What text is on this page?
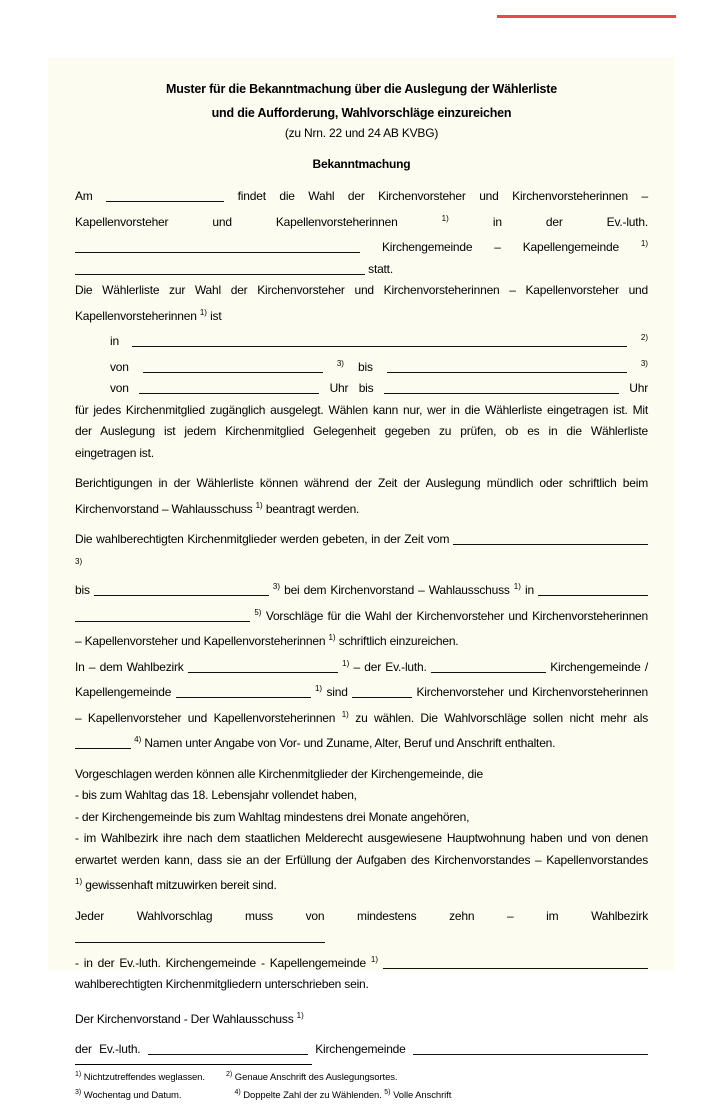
Muster für die Bekanntmachung über die Auslegung der Wählerliste
und die Aufforderung, Wahlvorschläge einzureichen
(zu Nrn. 22 und 24 AB KVBG)
Bekanntmachung
Am	findet die Wahl der Kirchenvorsteher und Kirchenvorsteherinnen –
Kapellenvorsteher und Kapellenvorsteherinnen	$^{1)}$	in der Ev.-luth.
Kirchengemeinde – Kapellengemeinde	$^{1)}$
statt.
Die Wählerliste zur Wahl der Kirchenvorsteher und Kirchenvorsteherinnen – Kapellenvorsteher und
Kapellenvorsteherinnen $^{1)}$ ist
in	$^{2)}$
von	$^{3)}$ bis	$^{3)}$
von	Uhr bis	Uhr
für jedes Kirchenmitglied zugänglich ausgelegt. Wählen kann nur, wer in die Wählerliste eingetragen ist. Mit
der Auslegung ist jedem Kirchenmitglied Gelegenheit gegeben zu prüfen, ob es in die Wählerliste
eingetragen ist.
Berichtigungen in der Wählerliste können während der Zeit der Auslegung mündlich oder schriftlich beim
Kirchenvorstand – Wahlausschuss $^{1)}$ beantragt werden.
Die wahlberechtigten Kirchenmitglieder werden gebeten, in der Zeit vom  $^{3)}$
bis	$^{3)}$ bei dem Kirchenvorstand – Wahlausschuss $^{1)}$ in
$^{5)}$ Vorschläge für die Wahl der Kirchenvorsteher und Kirchenvorsteherinnen
– Kapellenvorsteher und Kapellenvorsteherinnen $^{1)}$ schriftlich einzureichen.
In – dem Wahlbezirk	$^{1)}$ – der Ev.-luth.	Kirchengemeinde /
Kapellengemeinde	$^{1)}$ sind	Kirchenvorsteher und Kirchenvorsteherinnen
– Kapellenvorsteher und Kapellenvorsteherinnen $^{1)}$ zu wählen. Die Wahlvorschläge sollen nicht mehr als
$^{4)}$ Namen unter Angabe von Vor- und Zuname, Alter, Beruf und Anschrift enthalten.
Vorgeschlagen werden können alle Kirchenmitglieder der Kirchengemeinde, die
- bis zum Wahltag das 18. Lebensjahr vollendet haben,
- der Kirchengemeinde bis zum Wahltag mindestens drei Monate angehören,
- im Wahlbezirk ihre nach dem staatlichen Melderecht ausgewiesene Hauptwohnung haben und von denen
erwartet werden kann, dass sie an der Erfüllung der Aufgaben des Kirchenvorstandes – Kapellenvorstandes
$^{1)}$ gewissenhaft mitzuwirken bereit sind.
Jeder Wahlvorschlag muss von mindestens zehn – im Wahlbezirk
- in der Ev.-luth. Kirchengemeinde - Kapellengemeinde $^{1)}$
wahlberechtigten Kirchenmitgliedern unterschrieben sein.
Der Kirchenvorstand - Der Wahlausschuss $^{1)}$
der Ev.-luth.	Kirchengemeinde
$^{1)}$ Nichtzutreffendes weglassen.	$^{2)}$ Genaue Anschrift des Auslegungsortes.
$^{3)}$ Wochentag und Datum.	$^{4)}$ Doppelte Zahl der zu Wählenden. $^{5)}$ Volle Anschrift
